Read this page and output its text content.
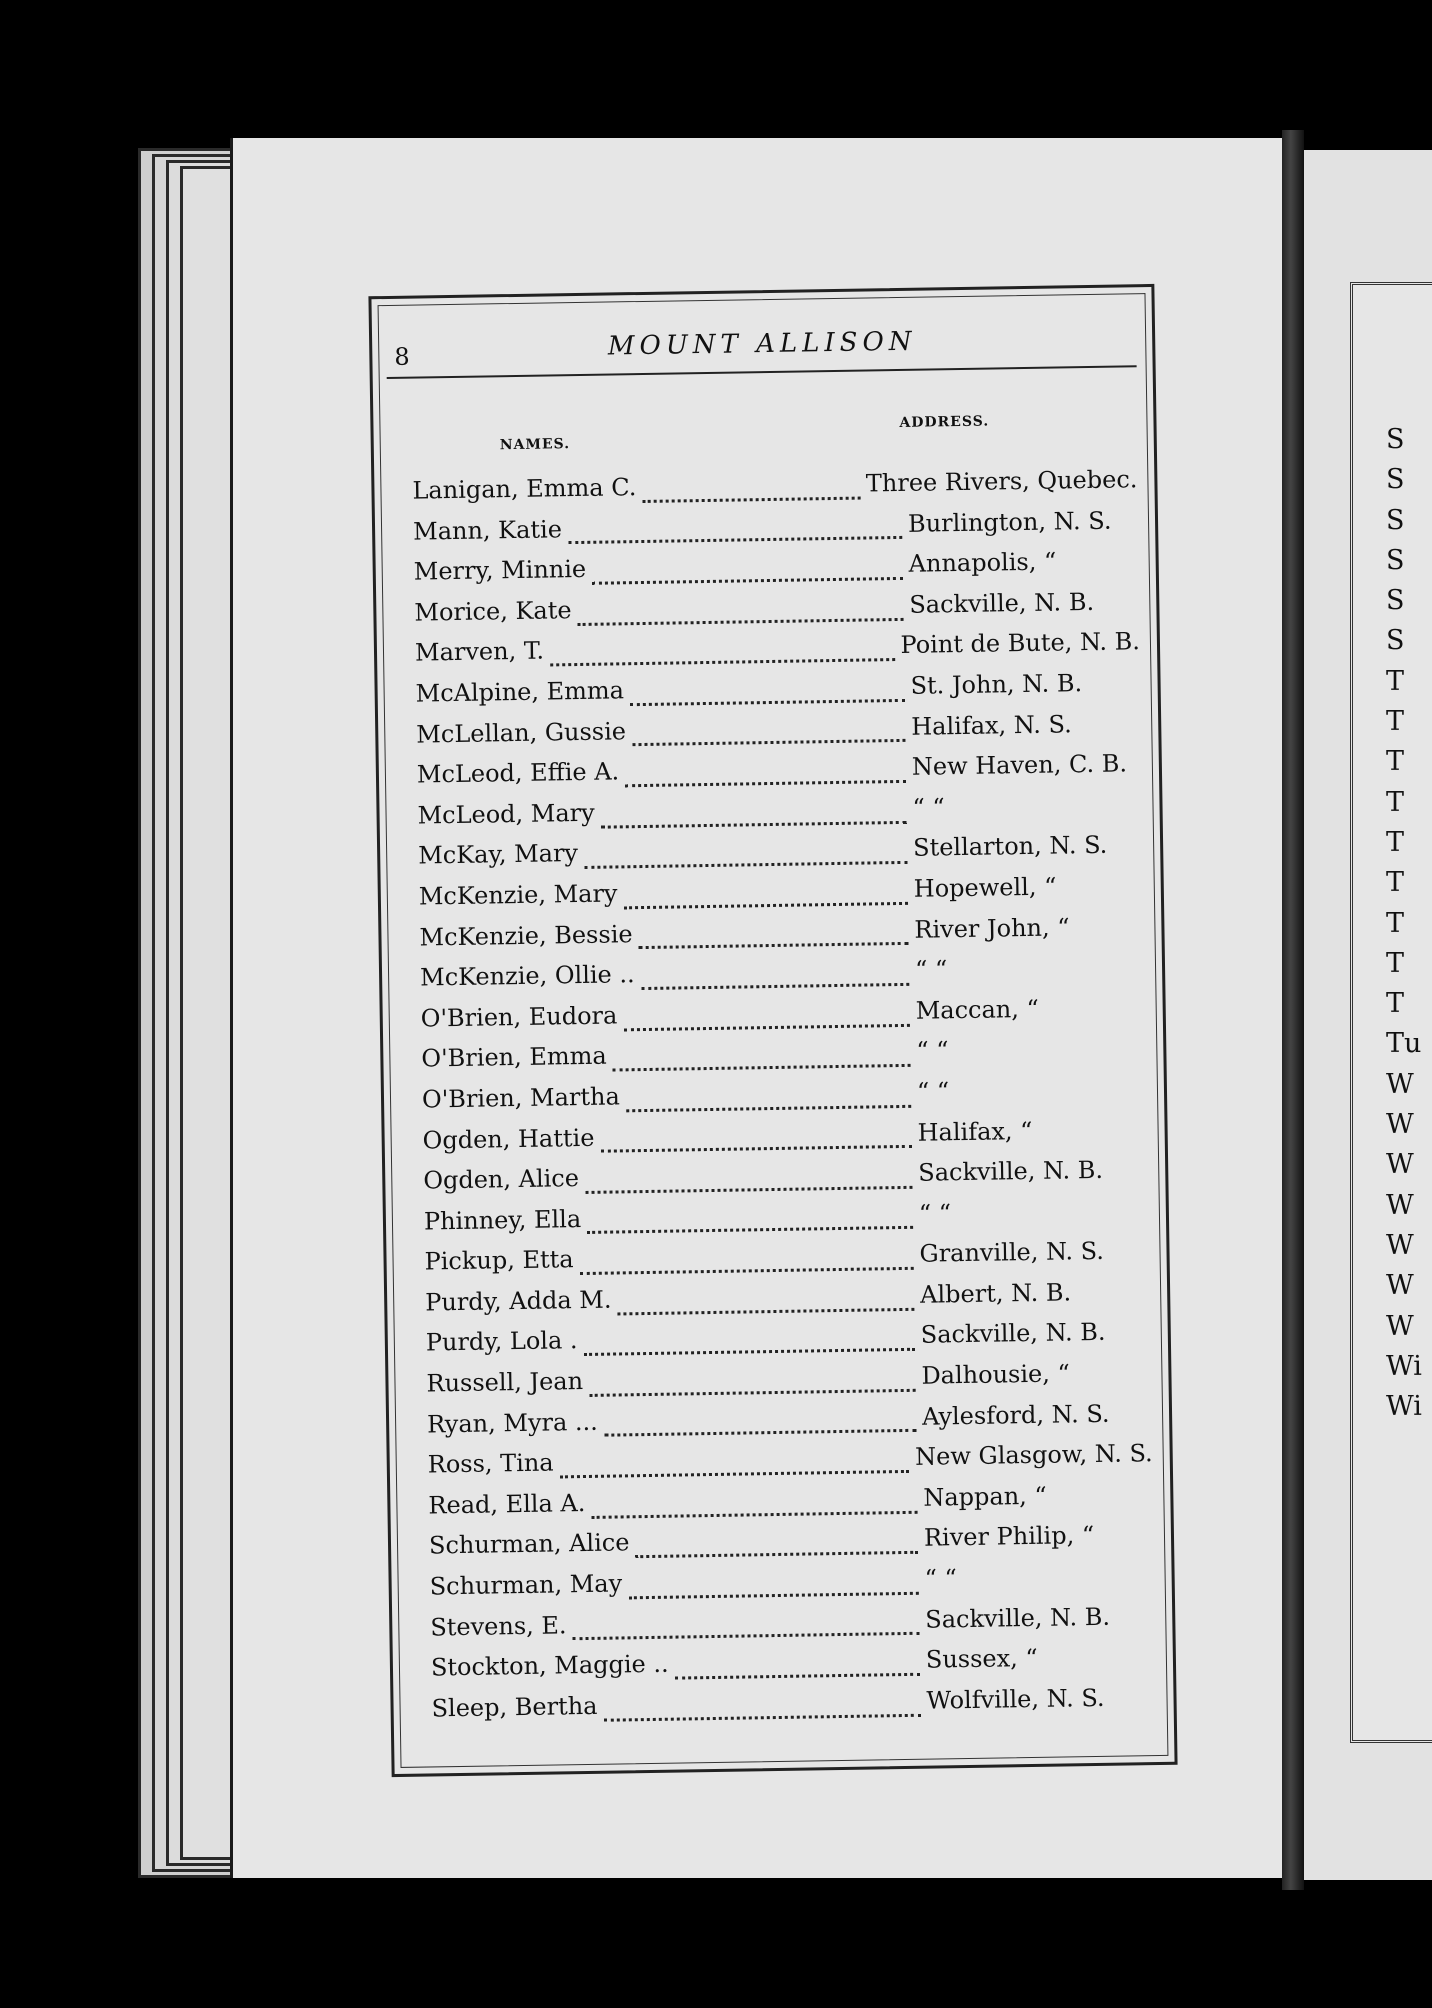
S
S
S
S
S
S
T
T
T
T
T
T
T
T
T
Tu
W
W
W
W
W
W
W
Wi
Wi
8	MOUNT ALLISON
NAMES.
ADDRESS.
Lanigan, Emma C.	Three Rivers, Quebec.
Mann, Katie	Burlington, N. S.
Merry, Minnie	Annapolis, “
Morice, Kate	Sackville, N. B.
Marven, T.	Point de Bute, N. B.
McAlpine, Emma	St. John, N. B.
McLellan, Gussie	Halifax, N. S.
McLeod, Effie A.	New Haven, C. B.
McLeod, Mary	“ “
McKay, Mary	Stellarton, N. S.
McKenzie, Mary	Hopewell, “
McKenzie, Bessie	River John, “
McKenzie, Ollie ..	“ “
O'Brien, Eudora	Maccan, “
O'Brien, Emma	“ “
O'Brien, Martha	“ “
Ogden, Hattie	Halifax, “
Ogden, Alice	Sackville, N. B.
Phinney, Ella	“ “
Pickup, Etta	Granville, N. S.
Purdy, Adda M.	Albert, N. B.
Purdy, Lola .	Sackville, N. B.
Russell, Jean	Dalhousie, “
Ryan, Myra ...	Aylesford, N. S.
Ross, Tina	New Glasgow, N. S.
Read, Ella A.	Nappan, “
Schurman, Alice	River Philip, “
Schurman, May	“ “
Stevens, E.	Sackville, N. B.
Stockton, Maggie ..	Sussex, “
Sleep, Bertha	Wolfville, N. S.
